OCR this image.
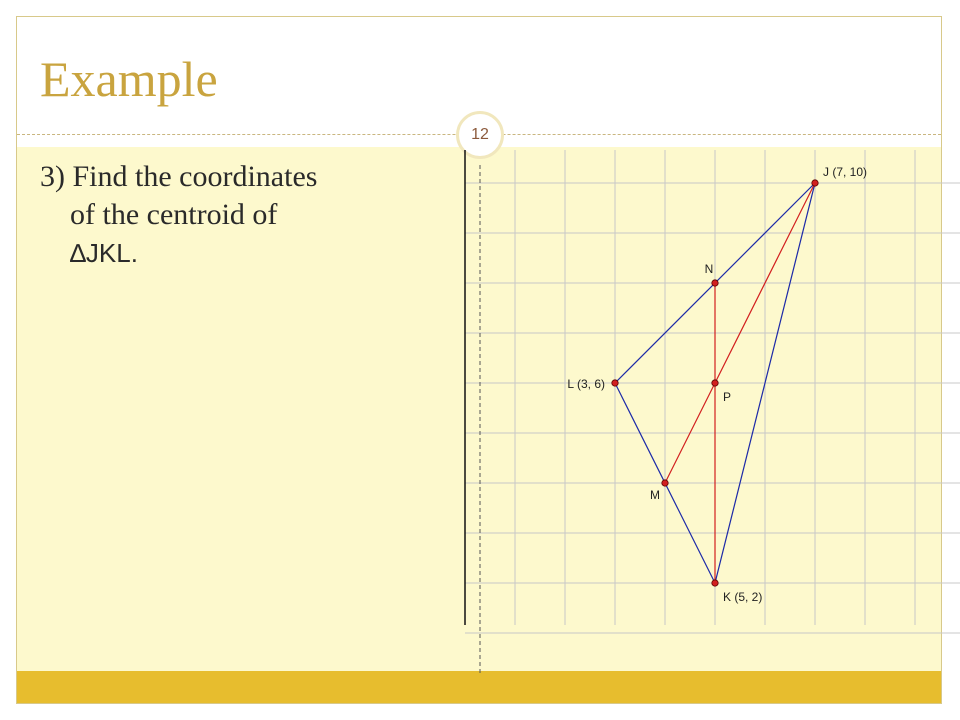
Example
12
3) Find the coordinates
of the centroid of
∆JKL.
J (7, 10)
K (5, 2)
L (3, 6)
N
M
P
